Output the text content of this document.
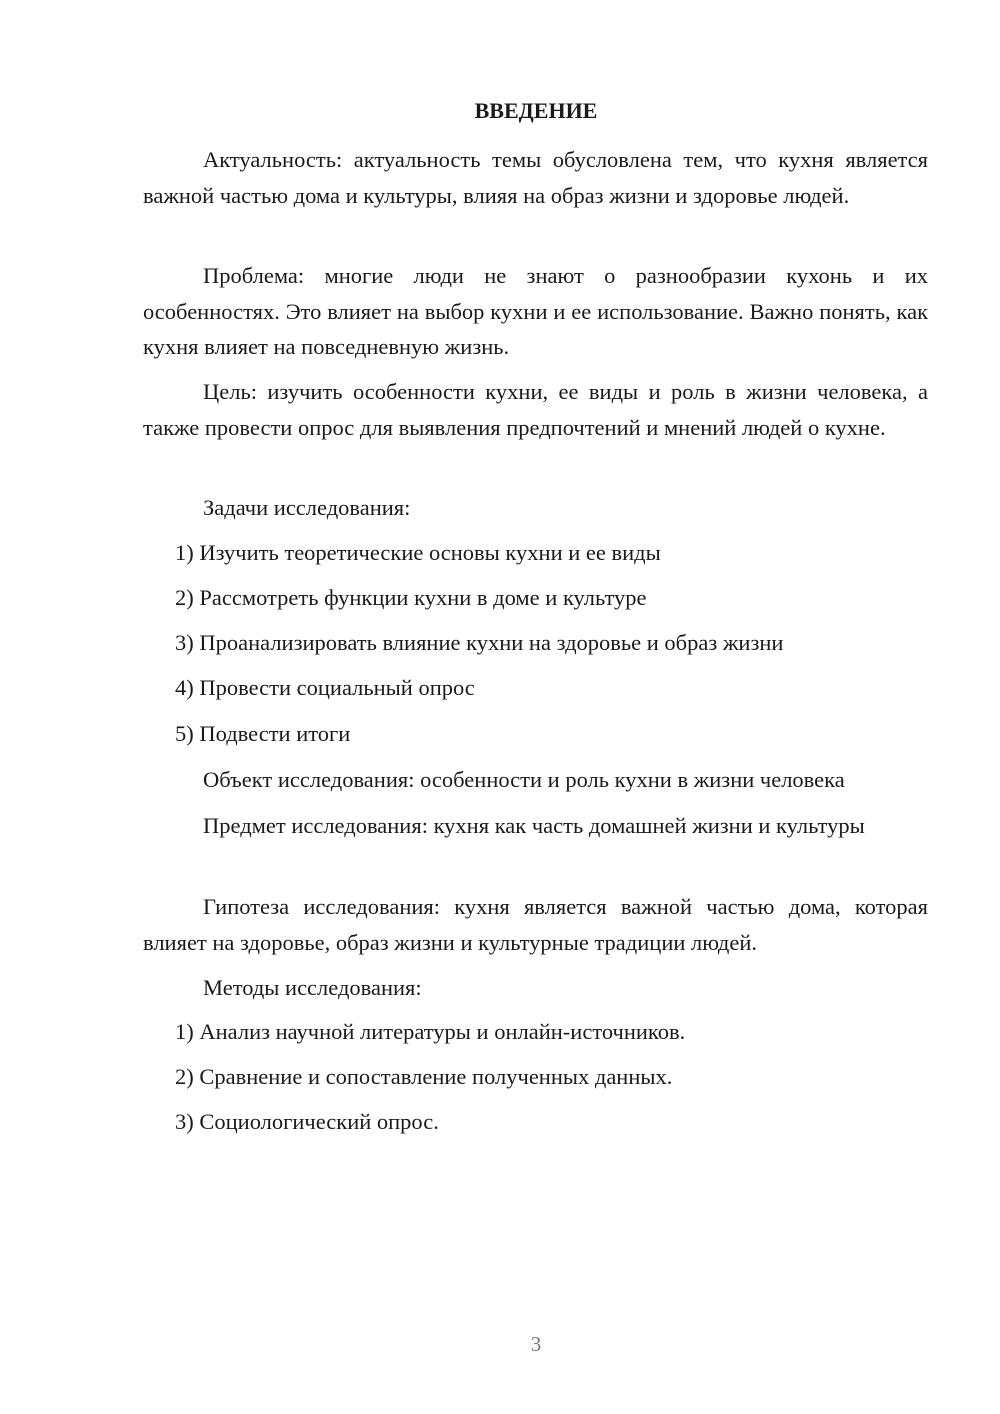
ВВЕДЕНИЕ

Актуальность: актуальность темы обусловлена тем, что кухня является важной частью дома и культуры, влияя на образ жизни и здоровье людей.

Проблема: многие люди не знают о разнообразии кухонь и их особенностях. Это влияет на выбор кухни и ее использование. Важно понять, как кухня влияет на повседневную жизнь.

Цель: изучить особенности кухни, ее виды и роль в жизни человека, а также провести опрос для выявления предпочтений и мнений людей о кухне.

Задачи исследования:

1) Изучить теоретические основы кухни и ее виды
2) Рассмотреть функции кухни в доме и культуре
3) Проанализировать влияние кухни на здоровье и образ жизни
4) Провести социальный опрос
5) Подвести итоги

Объект исследования: особенности и роль кухни в жизни человека

Предмет исследования: кухня как часть домашней жизни и культуры

Гипотеза исследования: кухня является важной частью дома, которая влияет на здоровье, образ жизни и культурные традиции людей.

Методы исследования:

1) Анализ научной литературы и онлайн-источников.
2) Сравнение и сопоставление полученных данных.
3) Социологический опрос.
3
